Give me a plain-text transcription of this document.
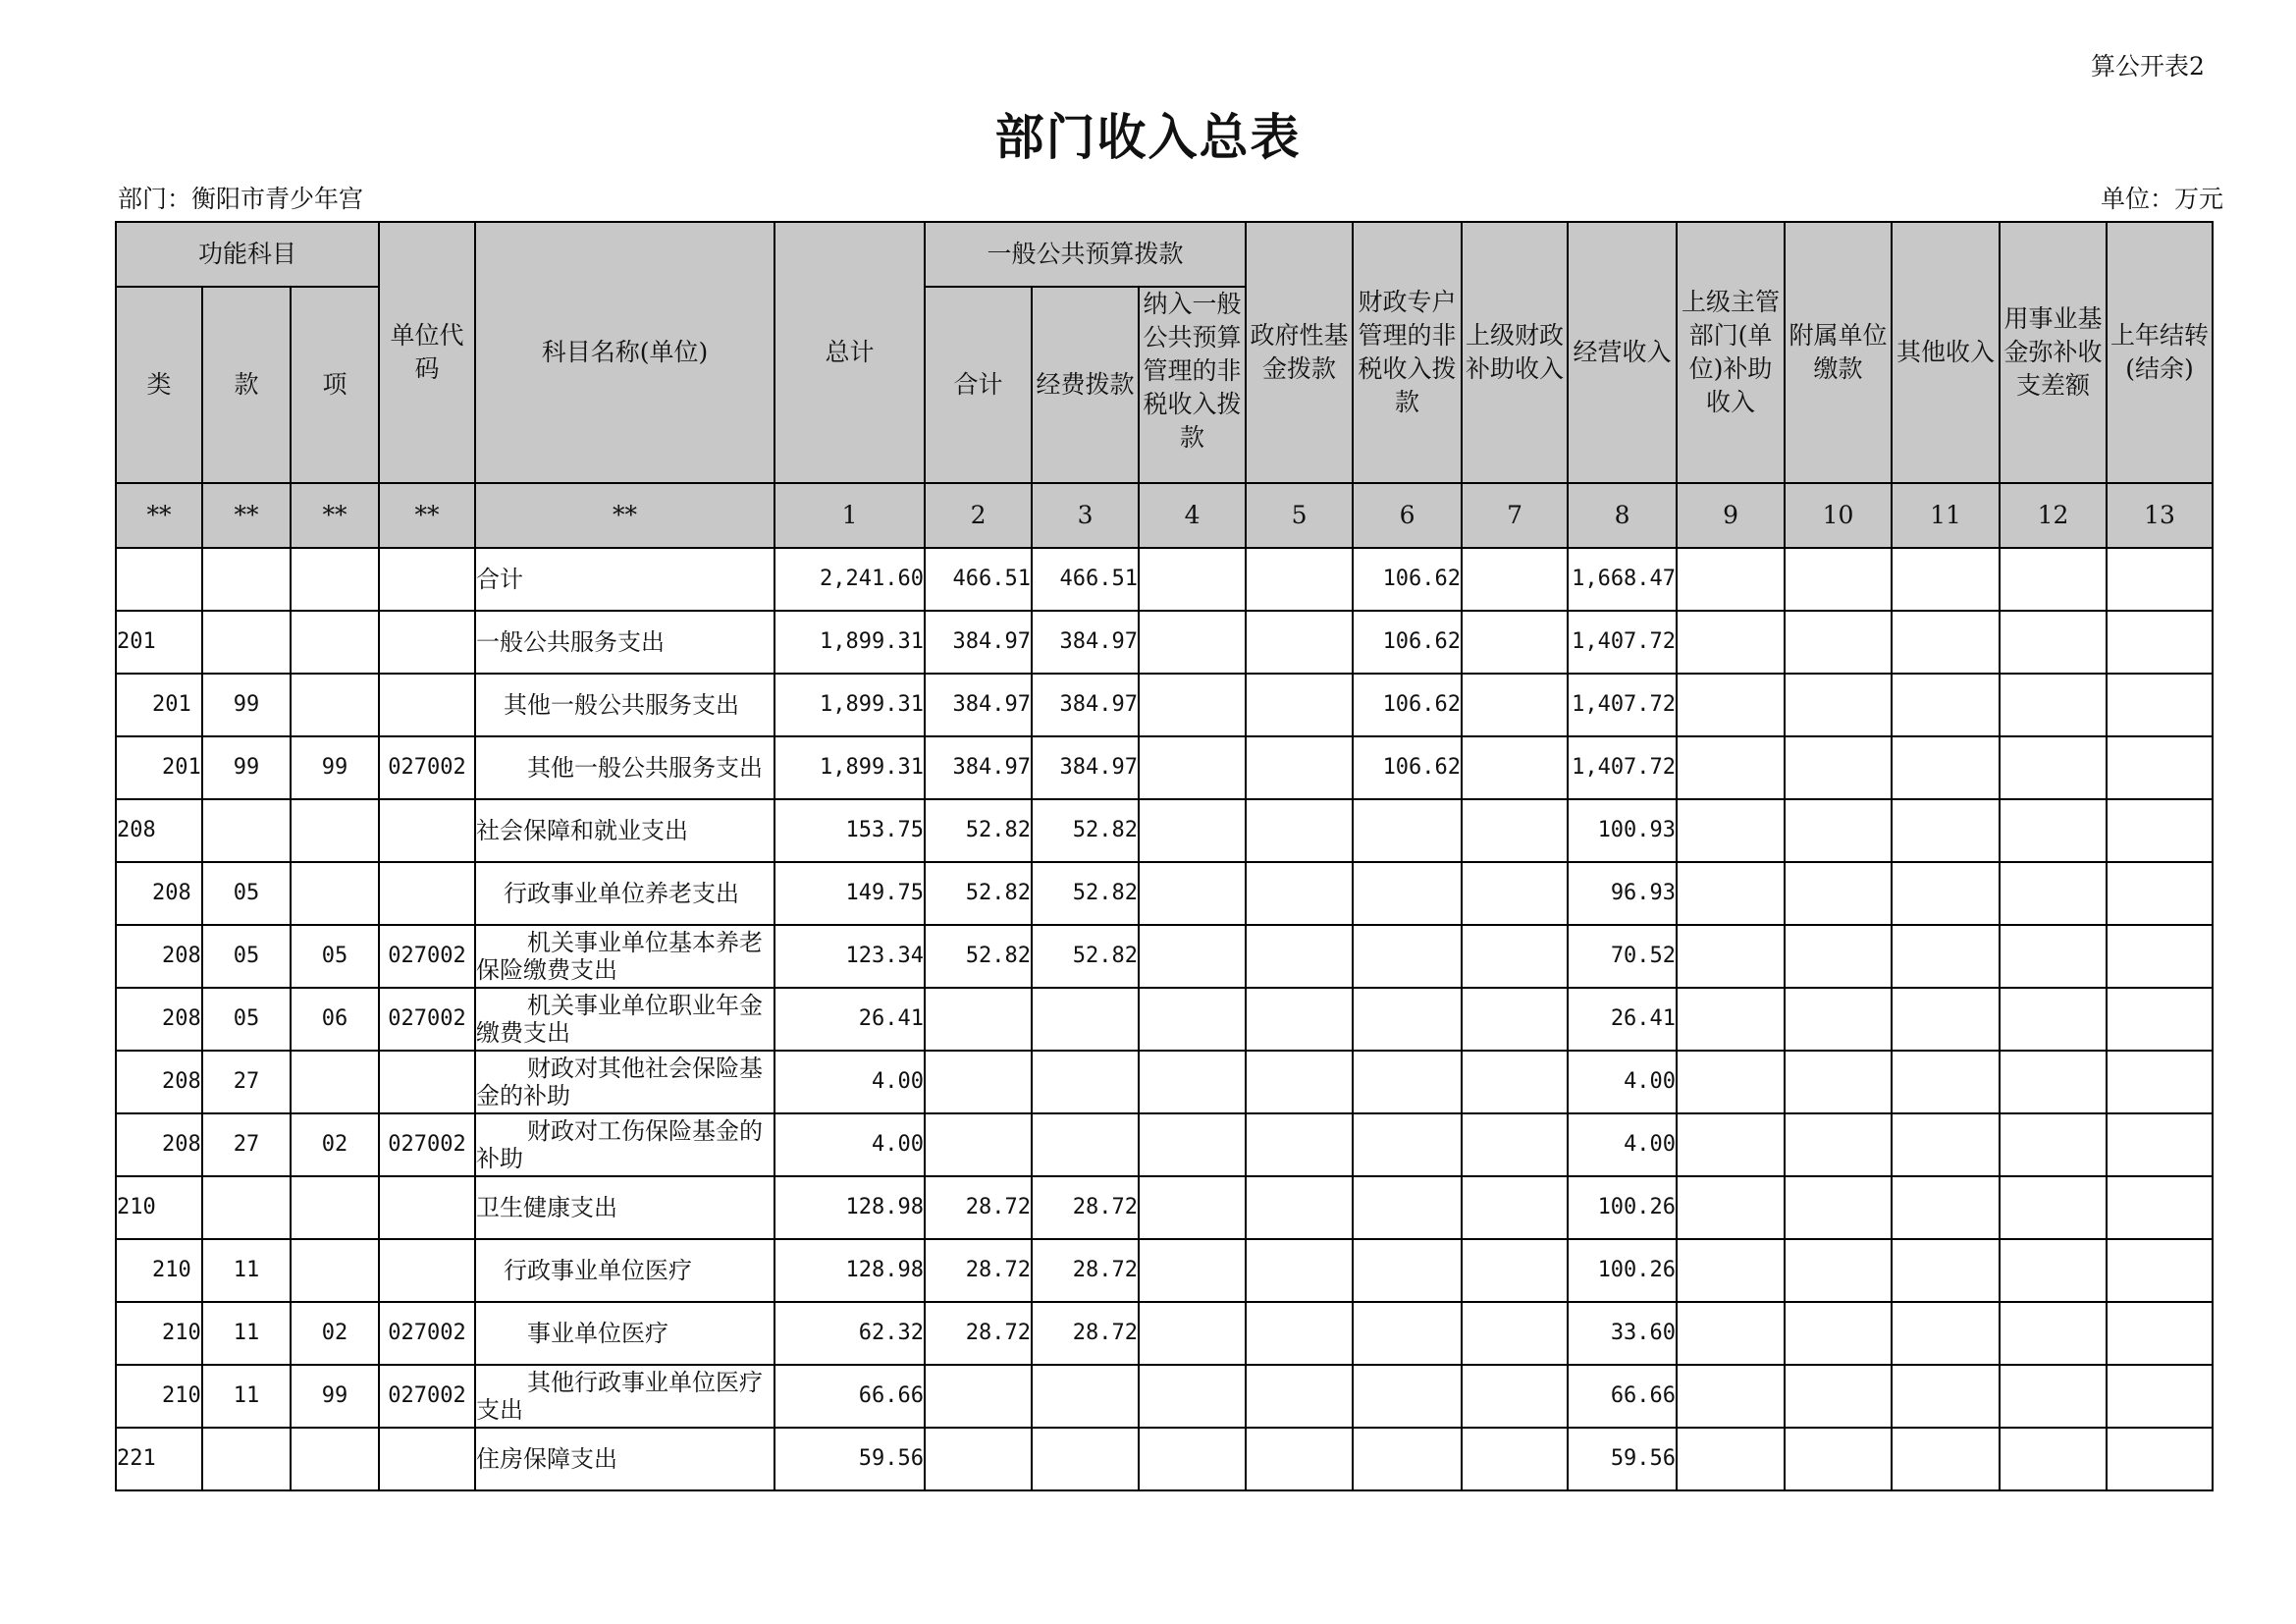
算公开表2
部门收入总表
部门：衡阳市青少年宫	单位：万元
功能科目			单位代码	科目名称(单位)	总计	一般公共预算拨款			政府性基金拨款	财政专户管理的非税收入拨款	上级财政补助收入	经营收入	上级主管部门(单位)补助收入	附属单位缴款	其他收入	用事业基金弥补收支差额	上年结转(结余)
类	款	项				合计	经费拨款	纳入一般公共预算管理的非税收入拨款									
**	**	**	**	**	1	2	3	4	5	6	7	8	9	10	11	12	13
				合计	2,241.60	466.51	466.51			106.62		1,668.47					
201				一般公共服务支出	1,899.31	384.97	384.97			106.62		1,407.72					
201	99			其他一般公共服务支出	1,899.31	384.97	384.97			106.62		1,407.72					
201	99	99	027002	其他一般公共服务支出	1,899.31	384.97	384.97			106.62		1,407.72					
208				社会保障和就业支出	153.75	52.82	52.82					100.93					
208	05			行政事业单位养老支出	149.75	52.82	52.82					96.93					
208	05	05	027002	机关事业单位基本养老保险缴费支出	123.34	52.82	52.82					70.52					
208	05	06	027002	机关事业单位职业年金缴费支出	26.41							26.41					
208	27			财政对其他社会保险基金的补助	4.00							4.00					
208	27	02	027002	财政对工伤保险基金的补助	4.00							4.00					
210				卫生健康支出	128.98	28.72	28.72					100.26					
210	11			行政事业单位医疗	128.98	28.72	28.72					100.26					
210	11	02	027002	事业单位医疗	62.32	28.72	28.72					33.60					
210	11	99	027002	其他行政事业单位医疗支出	66.66							66.66					
221				住房保障支出	59.56							59.56					
